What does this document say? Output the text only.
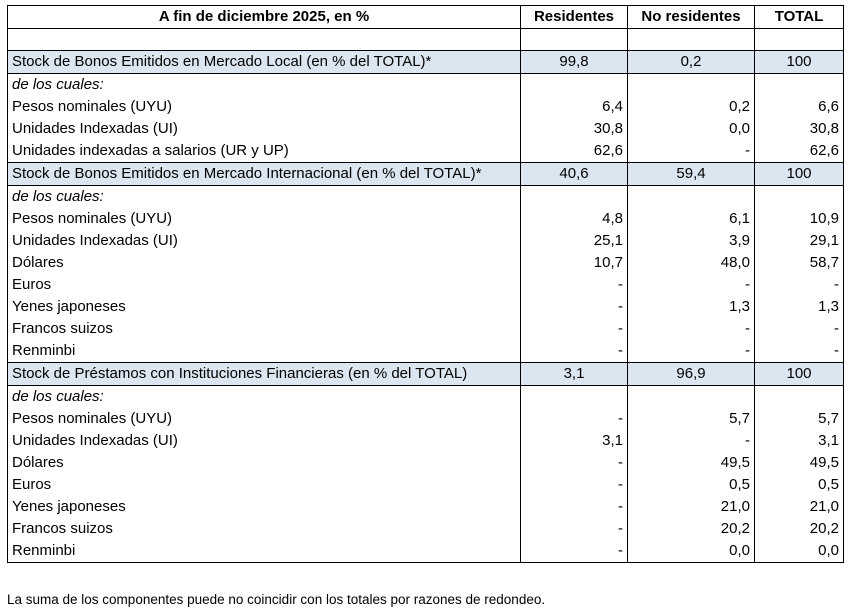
A fin de diciembre 2025, en %	Residentes	No residentes	TOTAL

Stock de Bonos Emitidos en Mercado Local (en % del TOTAL)*	99,8	0,2	100
de los cuales:			
Pesos nominales (UYU)	6,4	0,2	6,6
Unidades Indexadas (UI)	30,8	0,0	30,8
Unidades indexadas a salarios (UR y UP)	62,6	-	62,6
Stock de Bonos Emitidos en Mercado Internacional (en % del TOTAL)*	40,6	59,4	100
de los cuales:			
Pesos nominales (UYU)	4,8	6,1	10,9
Unidades Indexadas (UI)	25,1	3,9	29,1
Dólares	10,7	48,0	58,7
Euros	-	-	-
Yenes japoneses	-	1,3	1,3
Francos suizos	-	-	-
Renminbi	-	-	-
Stock de Préstamos con Instituciones Financieras (en % del TOTAL)	3,1	96,9	100
de los cuales:			
Pesos nominales (UYU)	-	5,7	5,7
Unidades Indexadas (UI)	3,1	-	3,1
Dólares	-	49,5	49,5
Euros	-	0,5	0,5
Yenes japoneses	-	21,0	21,0
Francos suizos	-	20,2	20,2
Renminbi	-	0,0	0,0
La suma de los componentes puede no coincidir con los totales por razones de redondeo.
